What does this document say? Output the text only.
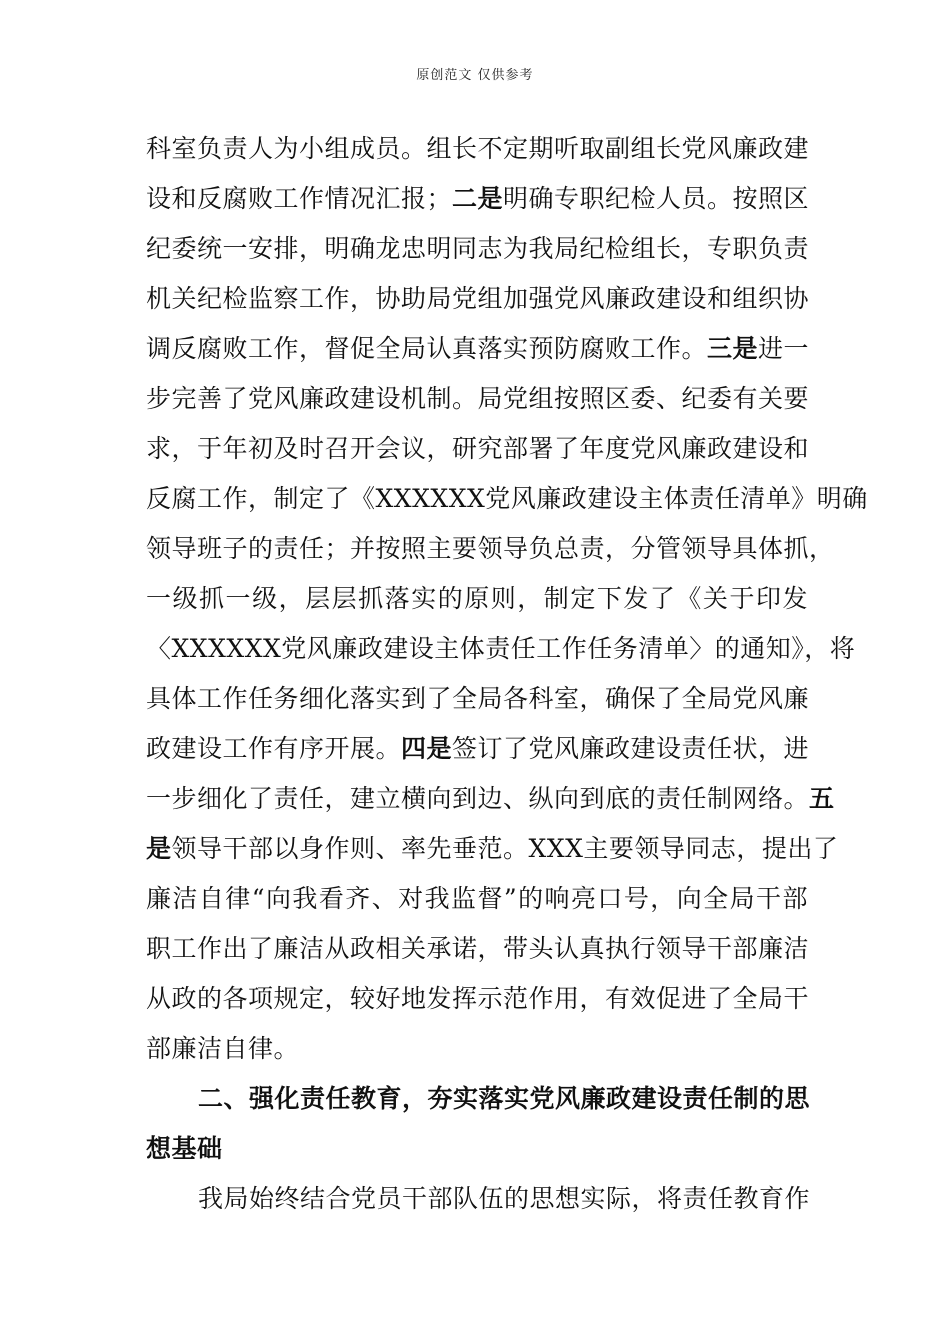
原创范文 仅供参考
科室负责人为小组成员。组长不定期听取副组长党风廉政建
设和反腐败工作情况汇报；二是明确专职纪检人员。按照区
纪委统一安排，明确龙忠明同志为我局纪检组长，专职负责
机关纪检监察工作，协助局党组加强党风廉政建设和组织协
调反腐败工作，督促全局认真落实预防腐败工作。三是进一
步完善了党风廉政建设机制。局党组按照区委、纪委有关要
求，于年初及时召开会议，研究部署了年度党风廉政建设和
反腐工作，制定了《XXXXXX党风廉政建设主体责任清单》明确
领导班子的责任；并按照主要领导负总责，分管领导具体抓，
一级抓一级，层层抓落实的原则，制定下发了《关于印发
〈XXXXXX党风廉政建设主体责任工作任务清单〉的通知》，将
具体工作任务细化落实到了全局各科室，确保了全局党风廉
政建设工作有序开展。四是签订了党风廉政建设责任状，进
一步细化了责任，建立横向到边、纵向到底的责任制网络。五
是领导干部以身作则、率先垂范。XXX主要领导同志，提出了
廉洁自律“向我看齐、对我监督”的响亮口号，向全局干部
职工作出了廉洁从政相关承诺，带头认真执行领导干部廉洁
从政的各项规定，较好地发挥示范作用，有效促进了全局干
部廉洁自律。
二、强化责任教育，夯实落实党风廉政建设责任制的思
想基础
我局始终结合党员干部队伍的思想实际，将责任教育作
